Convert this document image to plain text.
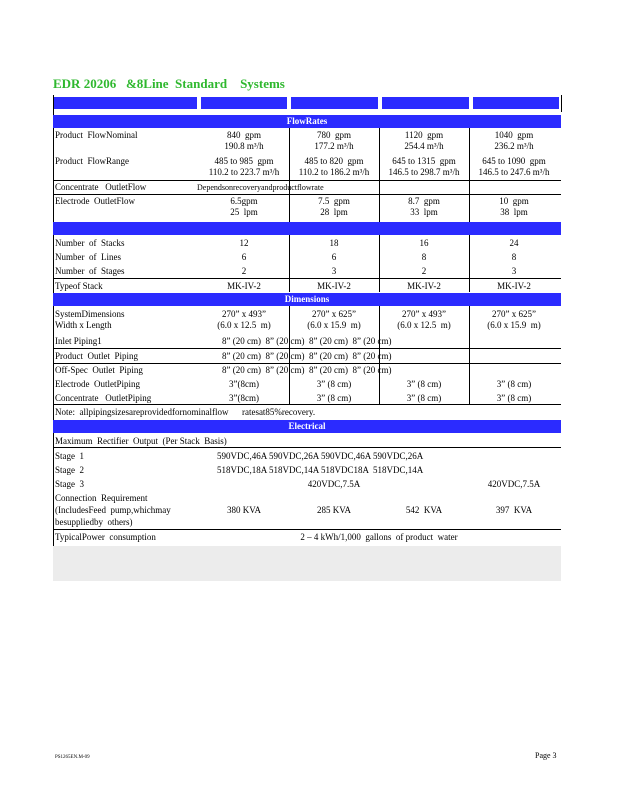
EDR 20206   &8Line  Standard    Systems
FlowRates
Product  FlowNominal	840  gpm	780  gpm	1120  gpm	1040  gpm
190.8 m³/h	177.2 m³/h	254.4 m³/h	236.2 m³/h
Product  FlowRange	485 to 985  gpm	485 to 820  gpm	645 to 1315  gpm	645 to 1090  gpm
110.2 to 223.7 m³/h 110.2 to 186.2 m³/h 146.5 to 298.7 m³/h 146.5 to 247.6 m³/h
Concentrate   OutletFlow	Dependsonrecoveryandproductflowrate
Electrode  OutletFlow	6.5gpm	7.5  gpm	8.7  gpm	10  gpm
25  lpm	28  lpm	33  lpm	38  lpm
Number  of  Stacks	12	18	16	24
Number  of  Lines	6	6	8	8
Number  of  Stages	2	3	2	3
Typeof Stack	MK-IV-2	MK-IV-2	MK-IV-2	MK-IV-2
Dimensions
SystemDimensions
Width x Length
270” x 493”	270” x 625”	270” x 493”	270” x 625”
(6.0 x 12.5  m)	(6.0 x 15.9  m)	(6.0 x 12.5  m)	(6.0 x 15.9  m)
Inlet Piping1	8” (20 cm)  8” (20 cm)  8” (20 cm)  8” (20 cm)
Product  Outlet  Piping	8” (20 cm)  8” (20 cm)  8” (20 cm)  8” (20 cm)
Off-Spec  Outlet  Piping	8” (20 cm)  8” (20 cm)  8” (20 cm)  8” (20 cm)
Electrode  OutletPiping	3”(8cm)	3” (8 cm)	3” (8 cm)	3” (8 cm)
Concentrate   OutletPiping	3”(8cm)	3” (8 cm)	3” (8 cm)	3” (8 cm)
Note:  allpipingsizesareprovidedfornominalflow      ratesat85%recovery.
Electrical
Maximum  Rectifier  Output  (Per Stack  Basis)
Stage  1	590VDC,46A 590VDC,26A 590VDC,46A 590VDC,26A
Stage  2	518VDC,18A 518VDC,14A 518VDC18A  518VDC,14A
Stage  3	420VDC,7.5A	420VDC,7.5A
Connection  Requirement
(IncludesFeed  pump,whichmay
besuppliedby  others)
380 KVA	285 KVA	542  KVA	397  KVA
TypicalPower  consumption	2 – 4 kWh/1,000  gallons  of product  water
PS1265EN.M-09	Page 3
